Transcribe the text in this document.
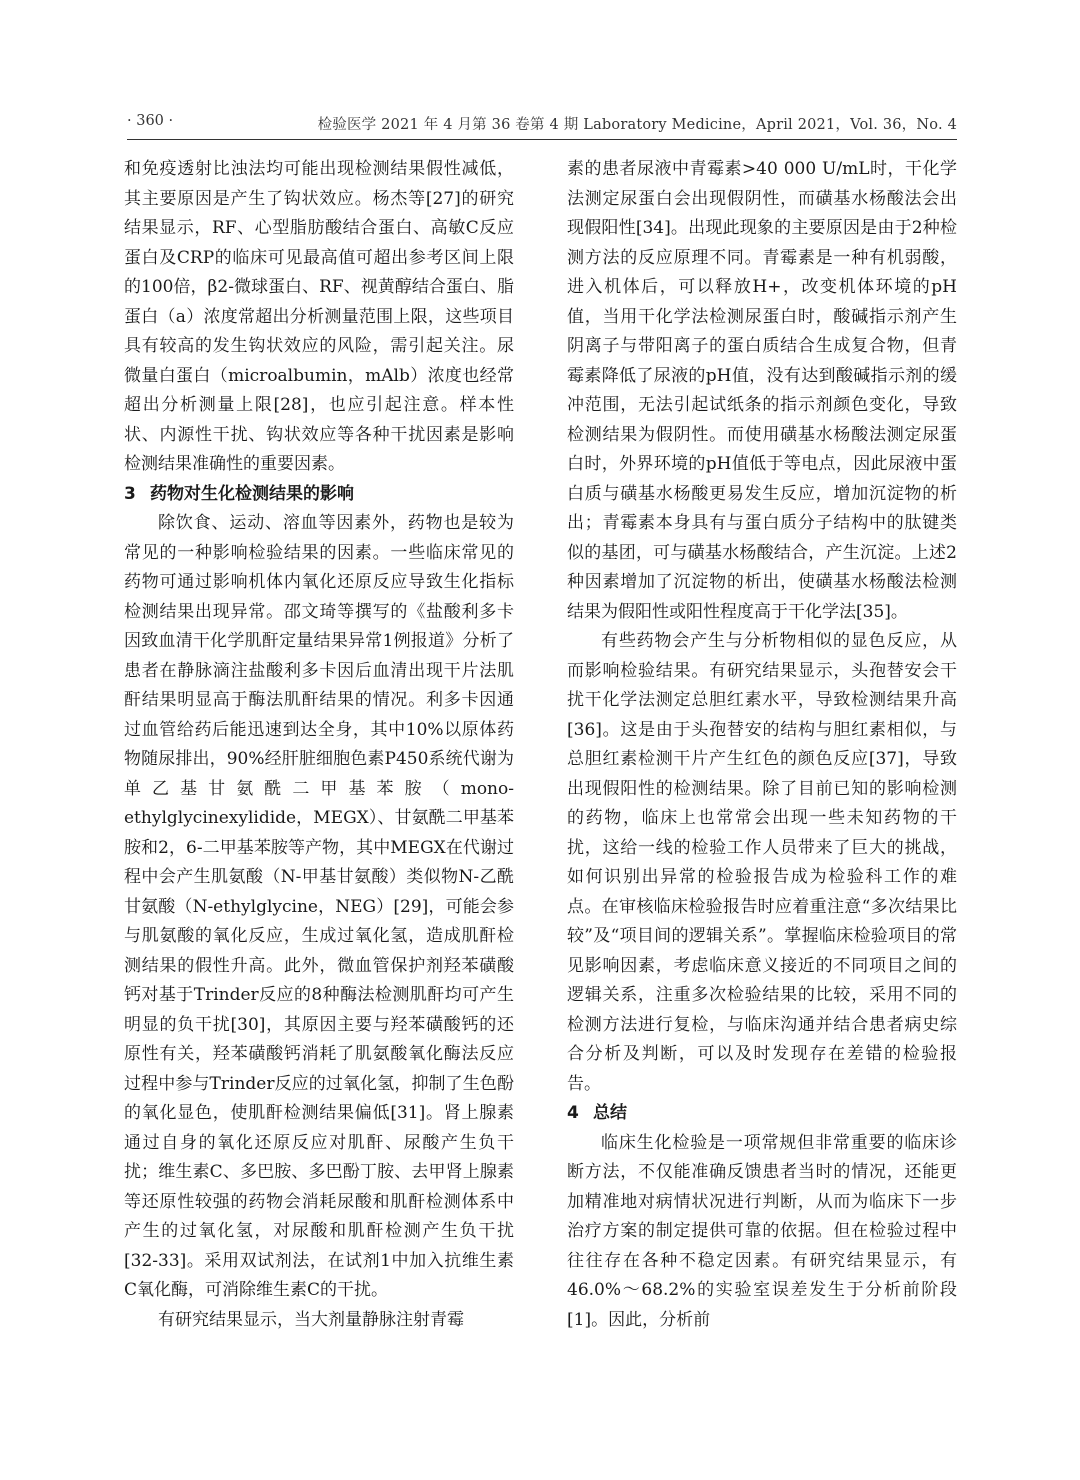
· 360 ·	检验医学 2021 年 4 月第 36 卷第 4 期 Laboratory Medicine，April 2021，Vol. 36，No. 4

和免疫透射比浊法均可能出现检测结果假性减低，其主要原因是产生了钩状效应。杨杰等[27]的研究结果显示，RF、心型脂肪酸结合蛋白、高敏C反应蛋白及CRP的临床可见最高值可超出参考区间上限的100倍，β2-微球蛋白、RF、视黄醇结合蛋白、脂蛋白（a）浓度常超出分析测量范围上限，这些项目具有较高的发生钩状效应的风险，需引起关注。尿微量白蛋白（microalbumin，mAlb）浓度也经常超出分析测量上限[28]，也应引起注意。样本性状、内源性干扰、钩状效应等各种干扰因素是影响检测结果准确性的重要因素。

3 药物对生化检测结果的影响

除饮食、运动、溶血等因素外，药物也是较为常见的一种影响检验结果的因素。一些临床常见的药物可通过影响机体内氧化还原反应导致生化指标检测结果出现异常。邵文琦等撰写的《盐酸利多卡因致血清干化学肌酐定量结果异常1例报道》分析了患者在静脉滴注盐酸利多卡因后血清出现干片法肌酐结果明显高于酶法肌酐结果的情况。利多卡因通过血管给药后能迅速到达全身，其中10%以原体药物随尿排出，90%经肝脏细胞色素P450系统代谢为单乙基甘氨酰二甲基苯胺（mono-ethylglycinexylidide，MEGX）、甘氨酰二甲基苯胺和2，6-二甲基苯胺等产物，其中MEGX在代谢过程中会产生肌氨酸（N-甲基甘氨酸）类似物N-乙酰甘氨酸（N-ethylglycine，NEG）[29]，可能会参与肌氨酸的氧化反应，生成过氧化氢，造成肌酐检测结果的假性升高。此外，微血管保护剂羟苯磺酸钙对基于Trinder反应的8种酶法检测肌酐均可产生明显的负干扰[30]，其原因主要与羟苯磺酸钙的还原性有关，羟苯磺酸钙消耗了肌氨酸氧化酶法反应过程中参与Trinder反应的过氧化氢，抑制了生色酚的氧化显色，使肌酐检测结果偏低[31]。肾上腺素通过自身的氧化还原反应对肌酐、尿酸产生负干扰；维生素C、多巴胺、多巴酚丁胺、去甲肾上腺素等还原性较强的药物会消耗尿酸和肌酐检测体系中产生的过氧化氢，对尿酸和肌酐检测产生负干扰[32-33]。采用双试剂法，在试剂1中加入抗维生素C氧化酶，可消除维生素C的干扰。

有研究结果显示，当大剂量静脉注射青霉

素的患者尿液中青霉素>40 000 U/mL时，干化学法测定尿蛋白会出现假阴性，而磺基水杨酸法会出现假阳性[34]。出现此现象的主要原因是由于2种检测方法的反应原理不同。青霉素是一种有机弱酸，进入机体后，可以释放H+，改变机体环境的pH值，当用干化学法检测尿蛋白时，酸碱指示剂产生阴离子与带阳离子的蛋白质结合生成复合物，但青霉素降低了尿液的pH值，没有达到酸碱指示剂的缓冲范围，无法引起试纸条的指示剂颜色变化，导致检测结果为假阴性。而使用磺基水杨酸法测定尿蛋白时，外界环境的pH值低于等电点，因此尿液中蛋白质与磺基水杨酸更易发生反应，增加沉淀物的析出；青霉素本身具有与蛋白质分子结构中的肽键类似的基团，可与磺基水杨酸结合，产生沉淀。上述2种因素增加了沉淀物的析出，使磺基水杨酸法检测结果为假阳性或阳性程度高于干化学法[35]。

有些药物会产生与分析物相似的显色反应，从而影响检验结果。有研究结果显示，头孢替安会干扰干化学法测定总胆红素水平，导致检测结果升高[36]。这是由于头孢替安的结构与胆红素相似，与总胆红素检测干片产生红色的颜色反应[37]，导致出现假阳性的检测结果。除了目前已知的影响检测的药物，临床上也常常会出现一些未知药物的干扰，这给一线的检验工作人员带来了巨大的挑战，如何识别出异常的检验报告成为检验科工作的难点。在审核临床检验报告时应着重注意“多次结果比较”及“项目间的逻辑关系”。掌握临床检验项目的常见影响因素，考虑临床意义接近的不同项目之间的逻辑关系，注重多次检验结果的比较，采用不同的检测方法进行复检，与临床沟通并结合患者病史综合分析及判断，可以及时发现存在差错的检验报告。

4 总结

临床生化检验是一项常规但非常重要的临床诊断方法，不仅能准确反馈患者当时的情况，还能更加精准地对病情状况进行判断，从而为临床下一步治疗方案的制定提供可靠的依据。但在检验过程中往往存在各种不稳定因素。有研究结果显示，有46.0%～68.2%的实验室误差发生于分析前阶段[1]。因此，分析前
